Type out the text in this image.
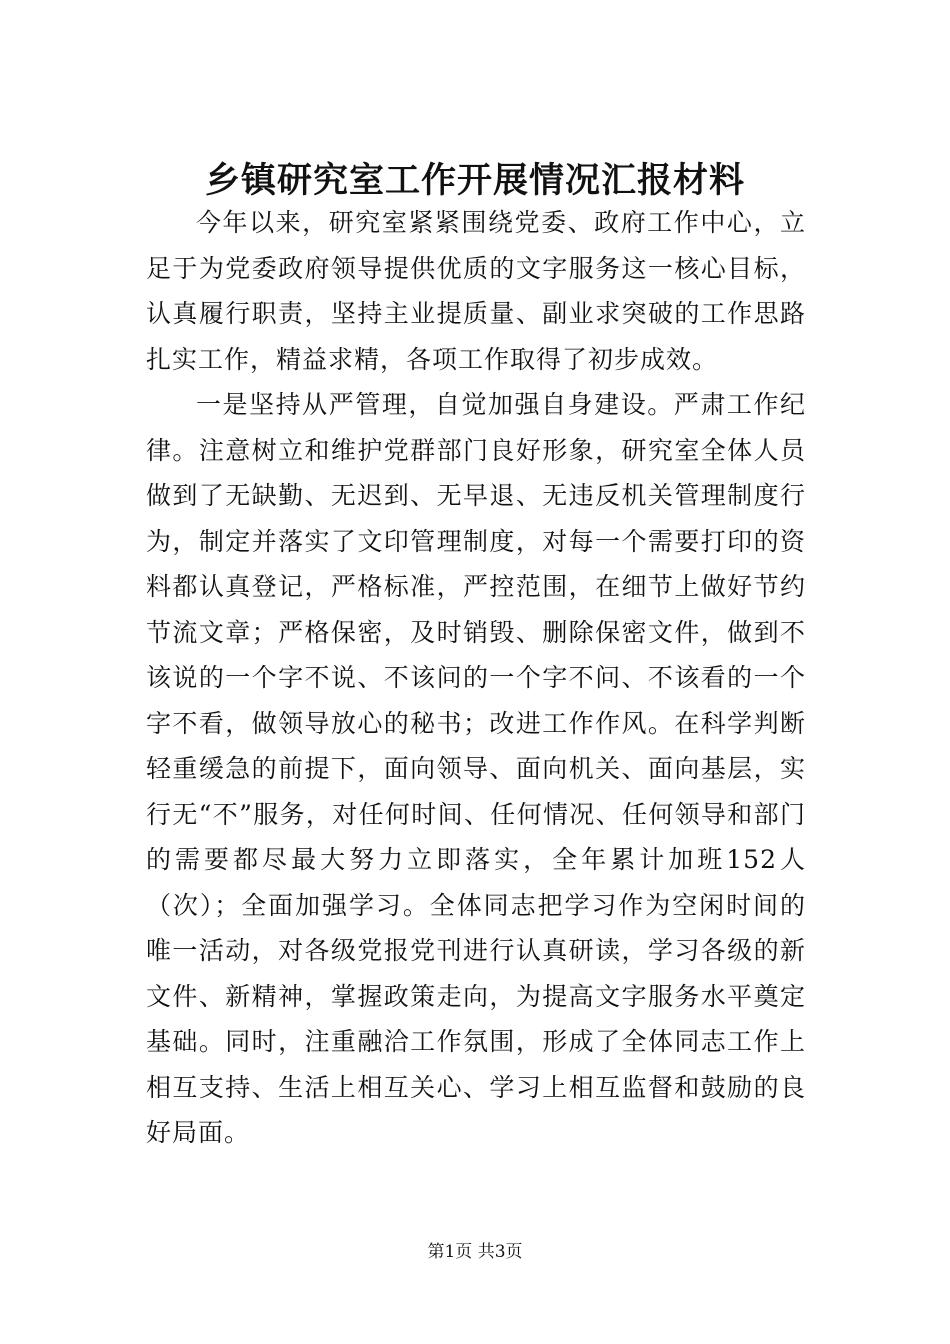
乡镇研究室工作开展情况汇报材料

今年以来，研究室紧紧围绕党委、政府工作中心，立足于为党委政府领导提供优质的文字服务这一核心目标，认真履行职责，坚持主业提质量、副业求突破的工作思路扎实工作，精益求精，各项工作取得了初步成效。

一是坚持从严管理，自觉加强自身建设。严肃工作纪律。注意树立和维护党群部门良好形象，研究室全体人员做到了无缺勤、无迟到、无早退、无违反机关管理制度行为，制定并落实了文印管理制度，对每一个需要打印的资料都认真登记，严格标准，严控范围，在细节上做好节约节流文章；严格保密，及时销毁、删除保密文件，做到不该说的一个字不说、不该问的一个字不问、不该看的一个字不看，做领导放心的秘书；改进工作作风。在科学判断轻重缓急的前提下，面向领导、面向机关、面向基层，实行无“不”服务，对任何时间、任何情况、任何领导和部门的需要都尽最大努力立即落实，全年累计加班152人（次）；全面加强学习。全体同志把学习作为空闲时间的唯一活动，对各级党报党刊进行认真研读，学习各级的新文件、新精神，掌握政策走向，为提高文字服务水平奠定基础。同时，注重融洽工作氛围，形成了全体同志工作上相互支持、生活上相互关心、学习上相互监督和鼓励的良好局面。

第1页 共3页
